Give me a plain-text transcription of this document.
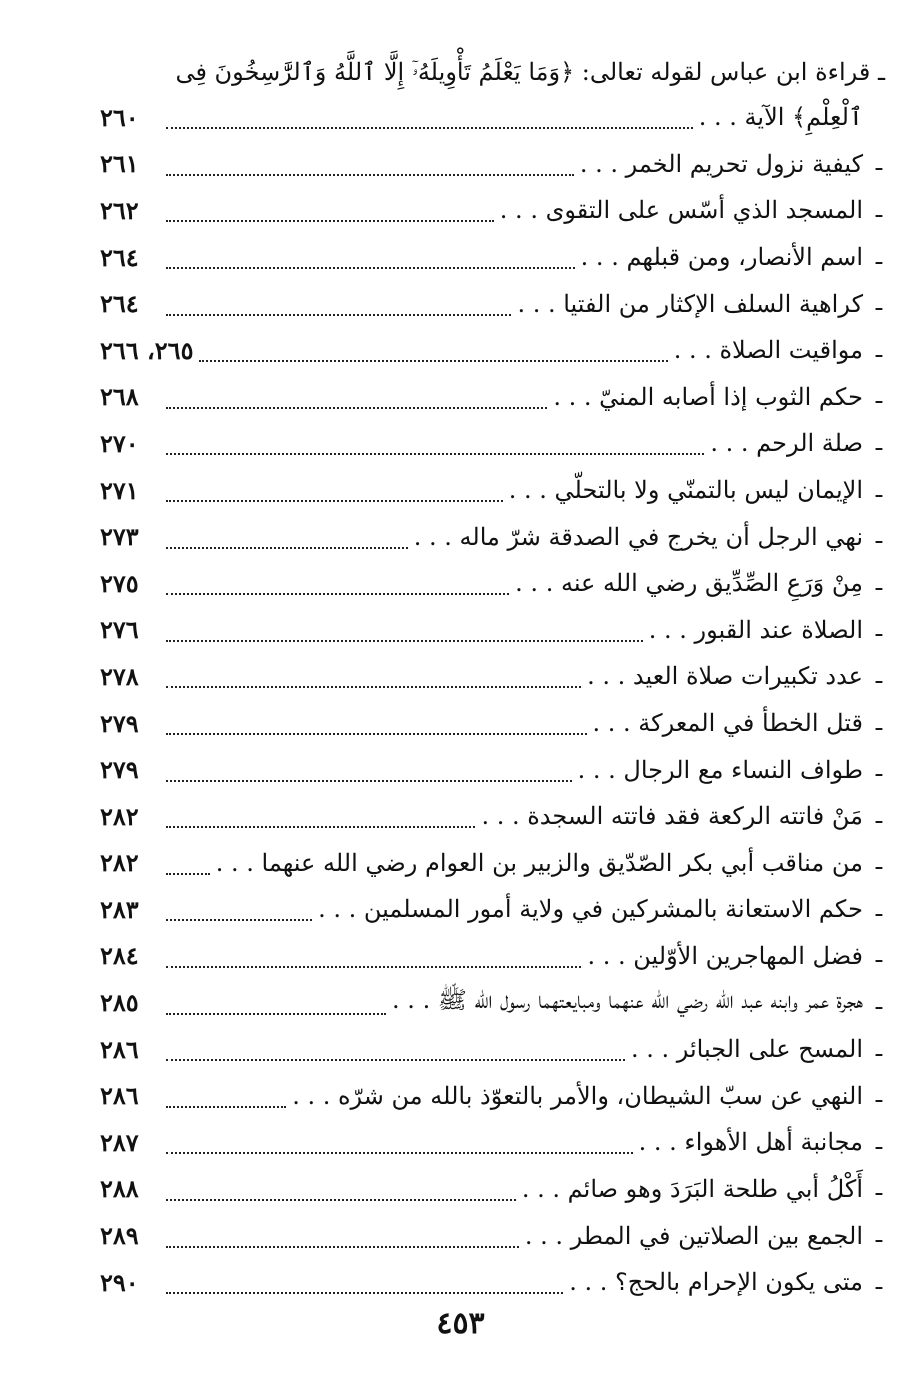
ـ قراءة ابن عباس لقوله تعالى: ﴿وَمَا يَعْلَمُ تَأْوِيلَهُۥٓ إِلَّا ٱللَّهُ وَٱلرَّٰسِخُونَ فِى
ٱلْعِلْمِ﴾ الآية . . .
٢٦٠
ـ
كيفية نزول تحريم الخمر . . .
٢٦١
ـ
المسجد الذي أسّس على التقوى . . .
٢٦٢
ـ
اسم الأنصار، ومن قبلهم . . .
٢٦٤
ـ
كراهية السلف الإكثار من الفتيا . . .
٢٦٤
ـ
مواقيت الصلاة . . .
٢٦٥، ٢٦٦
ـ
حكم الثوب إذا أصابه المنيّ . . .
٢٦٨
ـ
صلة الرحم . . .
٢٧٠
ـ
الإيمان ليس بالتمنّي ولا بالتحلّي . . .
٢٧١
ـ
نهي الرجل أن يخرج في الصدقة شرّ ماله . . .
٢٧٣
ـ
مِنْ وَرَعِ الصِّدِّيق رضي الله عنه . . .
٢٧٥
ـ
الصلاة عند القبور . . .
٢٧٦
ـ
عدد تكبيرات صلاة العيد . . .
٢٧٨
ـ
قتل الخطأ في المعركة . . .
٢٧٩
ـ
طواف النساء مع الرجال . . .
٢٧٩
ـ
مَنْ فاتته الركعة فقد فاتته السجدة . . .
٢٨٢
ـ
من مناقب أبي بكر الصّدّيق والزبير بن العوام رضي الله عنهما . . .
٢٨٢
ـ
حكم الاستعانة بالمشركين في ولاية أمور المسلمين . . .
٢٨٣
ـ
فضل المهاجرين الأوّلين . . .
٢٨٤
ـ
هجرة عمر وابنه عبد الله رضي الله عنهما ومبايعتهما رسول الله ﷺ . . .
٢٨٥
ـ
المسح على الجبائر . . .
٢٨٦
ـ
النهي عن سبّ الشيطان، والأمر بالتعوّذ بالله من شرّه . . .
٢٨٦
ـ
مجانبة أهل الأهواء . . .
٢٨٧
ـ
أَكْلُ أبي طلحة البَرَدَ وهو صائم . . .
٢٨٨
ـ
الجمع بين الصلاتين في المطر . . .
٢٨٩
ـ
متى يكون الإحرام بالحج؟ . . .
٢٩٠
٤٥٣
